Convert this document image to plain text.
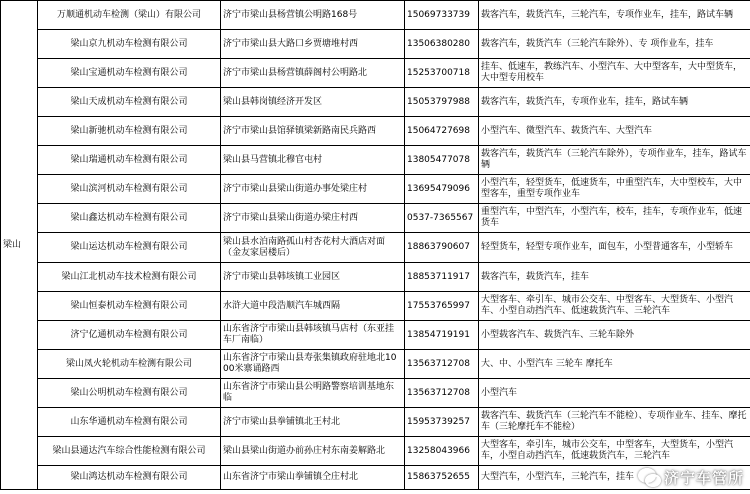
梁山	万顺通机动车检测（梁山）有限公司	济宁市梁山县杨营镇公明路168号	15069733739	载客汽车，载货汽车，三轮汽车，专项作业车，挂车，路试车辆
	梁山京九机动车检测有限公司	济宁市梁山县大路口乡贾塘堆村西	13506380280	载客汽车，载货汽车（三轮汽车除外）、专 项作业车，挂车
	梁山宝通机动车检测有限公司	济宁市梁山县杨营镇薛阁村公明路北	15253700718	挂车、低速车，教练汽车、小型汽车、大中型客车，大中型货车，大中型专用校车
	梁山天成机动车检测有限公司	梁山县韩岗镇经济开发区	15053797988	载客汽车，载货汽车，专项作业车，挂车，路试车辆
	梁山新驰机动车检测有限公司	济宁市梁山县馆驿镇梁新路南民兵路西	15064727698	小型汽车、微型汽车、载货汽车、大型汽车
	梁山瑞通机动车检测有限公司	梁山县马营镇北穆官屯村	13805477078	载客汽车，载货汽车（三轮汽车除外），专项作业车，挂车，路试车辆
	梁山滨河机动车检测有限公司	济宁市梁山县梁山街道办事处梁庄村	13695479096	小型汽车，轻型货车，低速货车，中重型汽车，大中型校车，大中型客车，重型专项作业车
	梁山鑫达机动车检测有限公司	济宁市梁山县梁山街道办梁庄村西	0537-7365567	重型汽车，中型汽车，小型汽车，校车，挂车，专项作业车，低速货车
	梁山运达机动车检测有限公司	梁山县水泊南路孤山村杏花村大酒店对面（金友家居楼后）	18863790607	轻型货车，轻型专项作业车，面包车，小型普通客车，小型轿车
	梁山江北机动车技术检测有限公司	济宁市梁山县韩垓镇工业园区	18853711917	载客汽车，载货汽车，挂车
	梁山恒泰机动车检测有限公司	水浒大道中段浩顺汽车城西隔	17553765997	大型客车、牵引车、城市公交车、中型客车、大型货车、小型汽车、小型自动挡汽车、低速载货汽车、三轮汽车
	济宁亿通机动车检测有限公司	山东省济宁市梁山县韩垓镇马店村（东亚挂车厂南临）	13854719191	小型载客汽车、载货汽车、三轮车除外
	梁山凤火轮机动车检测有限公司	山东省济宁市梁山县寿张集镇政府驻地北1000米寨诵路西	13563712708	大、中、小型汽车 三轮车 摩托车
	梁山公明机动车检测有限公司	山东省济宁市梁山县公明路警察培训基地东临	13563712708	小型汽车
	山东华通机动车检测有限公司	济宁市梁山县拳铺镇北王村北	15953739257	载客汽车、载货汽车（三轮汽车不能检）、专项作业车、挂车、摩托车（三轮摩托车不能检）
	梁山县通达汽车综合性能检测有限公司	梁山县梁山街道办前孙庄村东南姜解路北	13258043966	大型客车，牵引车，城市公交车，中型客车，大型货车，小型汽车，小型自动挡汽车，低速载货汽车，三轮汽车
	梁山鸿达机动车检测有限公司	山东省济宁市梁山拳铺镇仝庄村北	15863752655	大型汽车，小型汽车，三轮汽车，挂车 济宁车管所
